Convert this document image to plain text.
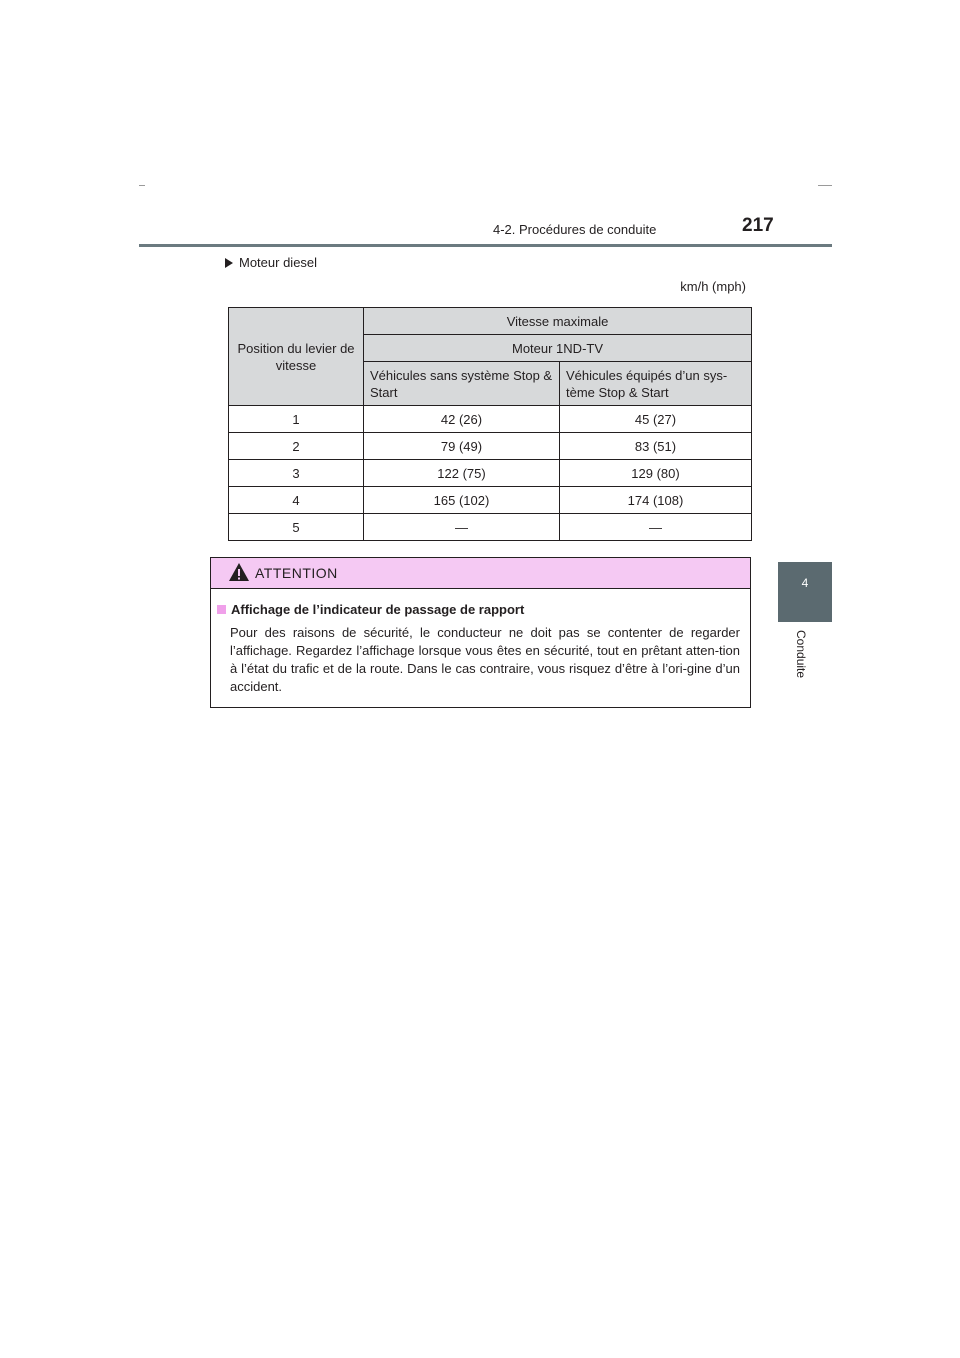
4-2. Procédures de conduite	217
4
Conduite
Moteur diesel
km/h (mph)
Position du levier de vitesse	Vitesse maximale	
	Moteur 1ND-TV	
	Véhicules sans système Stop & Start	Véhicules équipés d’un sys-tème Stop & Start
1	42 (26)	45 (27)
2	79 (49)	83 (51)
3	122 (75)	129 (80)
4	165 (102)	174 (108)
5	—	—
ATTENTION
Affichage de l’indicateur de passage de rapport
Pour des raisons de sécurité, le conducteur ne doit pas se contenter de regarder l’affichage. Regardez l’affichage lorsque vous êtes en sécurité, tout en prêtant atten-tion à l’état du trafic et de la route. Dans le cas contraire, vous risquez d’être à l’ori-gine d’un accident.
